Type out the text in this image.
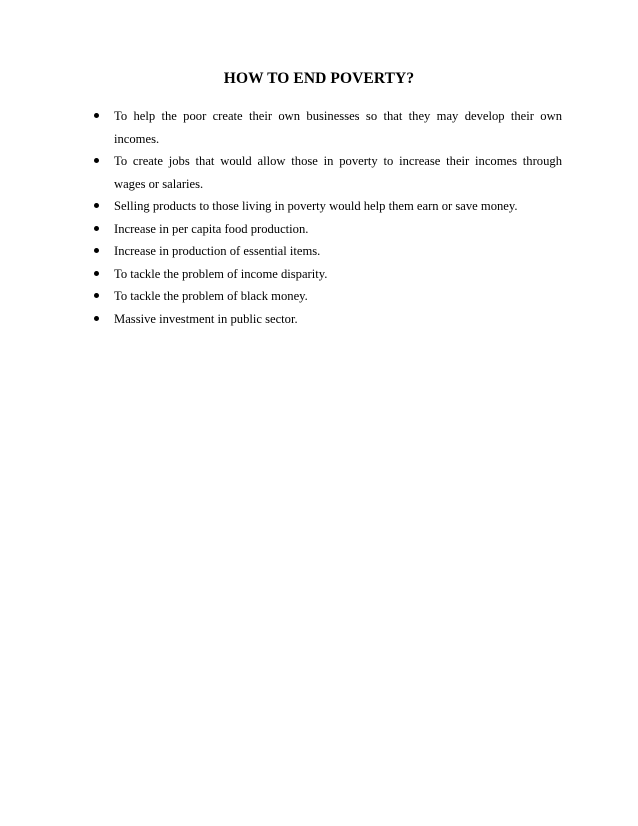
HOW TO END POVERTY?
To help the poor create their own businesses so that they may develop their own incomes.
To create jobs that would allow those in poverty to increase their incomes through wages or salaries.
Selling products to those living in poverty would help them earn or save money.
Increase in per capita food production.
Increase in production of essential items.
To tackle the problem of income disparity.
To tackle the problem of black money.
Massive investment in public sector.
